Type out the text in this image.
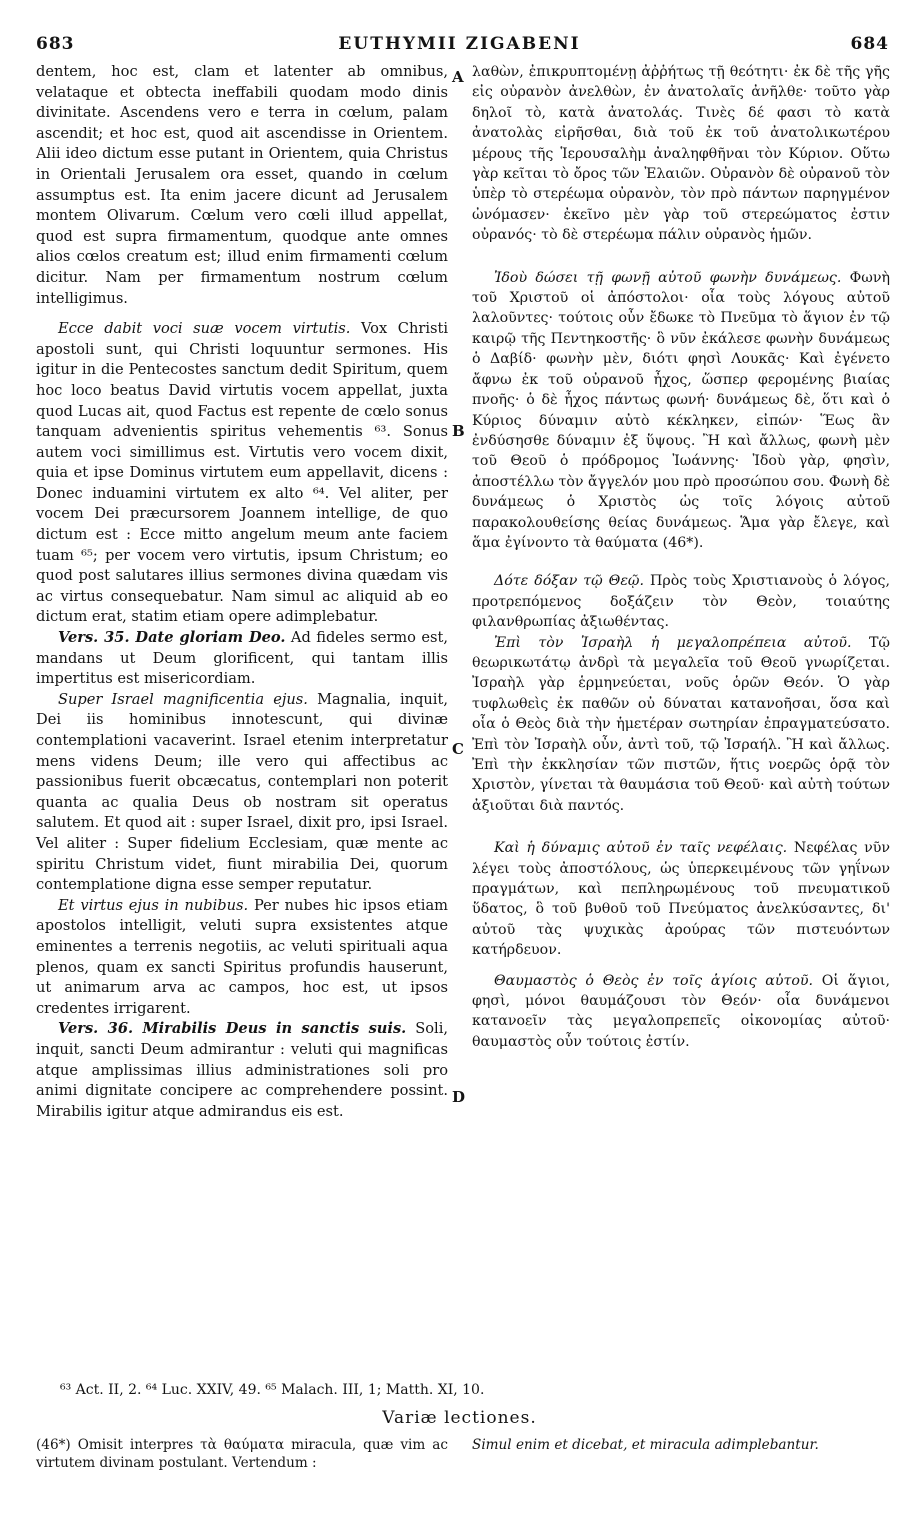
683	EUTHYMII ZIGABENI	684

dentem, hoc est, clam et latenter ab omnibus, velataque et obtecta ineffabili quodam modo dinis divinitate. Ascendens vero e terra in cœlum, palam ascendit; et hoc est, quod ait ascendisse in Orientem. Alii ideo dictum esse putant in Orientem, quia Christus in Orientali Jerusalem ora esset, quando in cœlum assumptus est. Ita enim jacere dicunt ad Jerusalem montem Olivarum. Cœlum vero cœli illud appellat, quod est supra firmamentum, quodque ante omnes alios cœlos creatum est; illud enim firmamenti cœlum dicitur. Nam per firmamentum nostrum cœlum intelligimus.

Ecce dabit voci suæ vocem virtutis. Vox Christi apostoli sunt, qui Christi loquuntur sermones. His igitur in die Pentecostes sanctum dedit Spiritum, quem hoc loco beatus David virtutis vocem appellat, juxta quod Lucas ait, quod Factus est repente de cœlo sonus tanquam advenientis spiritus vehementis ⁶³. Sonus autem voci simillimus est. Virtutis vero vocem dixit, quia et ipse Dominus virtutem eum appellavit, dicens : Donec induamini virtutem ex alto ⁶⁴. Vel aliter, per vocem Dei præcursorem Joannem intellige, de quo dictum est : Ecce mitto angelum meum ante faciem tuam ⁶⁵; per vocem vero virtutis, ipsum Christum; eo quod post salutares illius sermones divina quædam vis ac virtus consequebatur. Nam simul ac aliquid ab eo dictum erat, statim etiam opere adimplebatur.

Vers. 35. Date gloriam Deo. Ad fideles sermo est, mandans ut Deum glorificent, qui tantam illis impertitus est misericordiam.

Super Israel magnificentia ejus. Magnalia, inquit, Dei iis hominibus innotescunt, qui divinæ contemplationi vacaverint. Israel etenim interpretatur mens videns Deum; ille vero qui affectibus ac passionibus fuerit obcæcatus, contemplari non poterit quanta ac qualia Deus ob nostram sit operatus salutem. Et quod ait : super Israel, dixit pro, ipsi Israel. Vel aliter : Super fidelium Ecclesiam, quæ mente ac spiritu Christum videt, fiunt mirabilia Dei, quorum contemplatione digna esse semper reputatur.

Et virtus ejus in nubibus. Per nubes hic ipsos etiam apostolos intelligit, veluti supra exsistentes atque eminentes a terrenis negotiis, ac veluti spirituali aqua plenos, quam ex sancti Spiritus profundis hauserunt, ut animarum arva ac campos, hoc est, ut ipsos credentes irrigarent.

Vers. 36. Mirabilis Deus in sanctis suis. Soli, inquit, sancti Deum admirantur : veluti qui magnificas atque amplissimas illius administrationes soli pro animi dignitate concipere ac comprehendere possint. Mirabilis igitur atque admirandus eis est.

A
B
C
D

λαθὼν, ἐπικρυπτομένῃ ἀῤῥήτως τῇ θεότητι· ἐκ δὲ τῆς γῆς εἰς οὐρανὸν ἀνελθὼν, ἐν ἀνατολαῖς ἀνῆλθε· τοῦτο γὰρ δηλοῖ τὸ, κατὰ ἀνατολάς. Τινὲς δέ φασι τὸ κατὰ ἀνατολὰς εἰρῆσθαι, διὰ τοῦ ἐκ τοῦ ἀνατολικωτέρου μέρους τῆς Ἱερουσαλὴμ ἀναληφθῆναι τὸν Κύριον. Οὕτω γὰρ κεῖται τὸ ὄρος τῶν Ἐλαιῶν. Οὐρανὸν δὲ οὐρανοῦ τὸν ὑπὲρ τὸ στερέωμα οὐρανὸν, τὸν πρὸ πάντων παρηγμένον ὠνόμασεν· ἐκεῖνο μὲν γὰρ τοῦ στερεώματος ἐστιν οὐρανός· τὸ δὲ στερέωμα πάλιν οὐρανὸς ἡμῶν.

Ἰδοὺ δώσει τῇ φωνῇ αὐτοῦ φωνὴν δυνάμεως. Φωνὴ τοῦ Χριστοῦ οἱ ἀπόστολοι· οἷα τοὺς λόγους αὐτοῦ λαλοῦντες· τούτοις οὖν ἔδωκε τὸ Πνεῦμα τὸ ἅγιον ἐν τῷ καιρῷ τῆς Πεντηκοστῆς· ὃ νῦν ἐκάλεσε φωνὴν δυνάμεως ὁ Δαβίδ· φωνὴν μὲν, διότι φησὶ Λουκᾶς· Καὶ ἐγένετο ἄφνω ἐκ τοῦ οὐρανοῦ ἦχος, ὥσπερ φερομένης βιαίας πνοῆς· ὁ δὲ ἦχος πάντως φωνή· δυνάμεως δὲ, ὅτι καὶ ὁ Κύριος δύναμιν αὐτὸ κέκληκεν, εἰπών· Ἕως ἂν ἐνδύσησθε δύναμιν ἐξ ὕψους. Ἢ καὶ ἄλλως, φωνὴ μὲν τοῦ Θεοῦ ὁ πρόδρομος Ἰωάννης· Ἰδοὺ γὰρ, φησὶν, ἀποστέλλω τὸν ἄγγελόν μου πρὸ προσώπου σου. Φωνὴ δὲ δυνάμεως ὁ Χριστὸς ὡς τοῖς λόγοις αὐτοῦ παρακολουθείσης θείας δυνάμεως. Ἅμα γὰρ ἔλεγε, καὶ ἅμα ἐγίνοντο τὰ θαύματα (46*).

Δότε δόξαν τῷ Θεῷ. Πρὸς τοὺς Χριστιανοὺς ὁ λόγος, προτρεπόμενος δοξάζειν τὸν Θεὸν, τοιαύτης φιλανθρωπίας ἀξιωθέντας.

Ἐπὶ τὸν Ἰσραὴλ ἡ μεγαλοπρέπεια αὐτοῦ. Τῷ θεωρικωτάτῳ ἀνδρὶ τὰ μεγαλεῖα τοῦ Θεοῦ γνωρίζεται. Ἰσραὴλ γὰρ ἑρμηνεύεται, νοῦς ὁρῶν Θεόν. Ὁ γὰρ τυφλωθεὶς ἐκ παθῶν οὐ δύναται κατανοῆσαι, ὅσα καὶ οἷα ὁ Θεὸς διὰ τὴν ἡμετέραν σωτηρίαν ἐπραγματεύσατο. Ἐπὶ τὸν Ἰσραὴλ οὖν, ἀντὶ τοῦ, τῷ Ἰσραήλ. Ἢ καὶ ἄλλως. Ἐπὶ τὴν ἐκκλησίαν τῶν πιστῶν, ἥτις νοερῶς ὁρᾷ τὸν Χριστὸν, γίνεται τὰ θαυμάσια τοῦ Θεοῦ· καὶ αὐτὴ τούτων ἀξιοῦται διὰ παντός.

Καὶ ἡ δύναμις αὐτοῦ ἐν ταῖς νεφέλαις. Νεφέλας νῦν λέγει τοὺς ἀποστόλους, ὡς ὑπερκειμένους τῶν γηΐνων πραγμάτων, καὶ πεπληρωμένους τοῦ πνευματικοῦ ὕδατος, ὃ τοῦ βυθοῦ τοῦ Πνεύματος ἀνελκύσαντες, δι' αὐτοῦ τὰς ψυχικὰς ἀρούρας τῶν πιστευόντων κατήρδευον.

Θαυμαστὸς ὁ Θεὸς ἐν τοῖς ἁγίοις αὐτοῦ. Οἱ ἅγιοι, φησὶ, μόνοι θαυμάζουσι τὸν Θεόν· οἷα δυνάμενοι κατανοεῖν τὰς μεγαλοπρεπεῖς οἰκονομίας αὐτοῦ· θαυμαστὸς οὖν τούτοις ἐστίν.

⁶³ Act. II, 2. ⁶⁴ Luc. XXIV, 49. ⁶⁵ Malach. III, 1; Matth. XI, 10.
Variæ lectiones.
(46*) Omisit interpres τὰ θαύματα miracula, quæ vim ac virtutem divinam postulant. Vertendum :
Simul enim et dicebat, et miracula adimplebantur.
